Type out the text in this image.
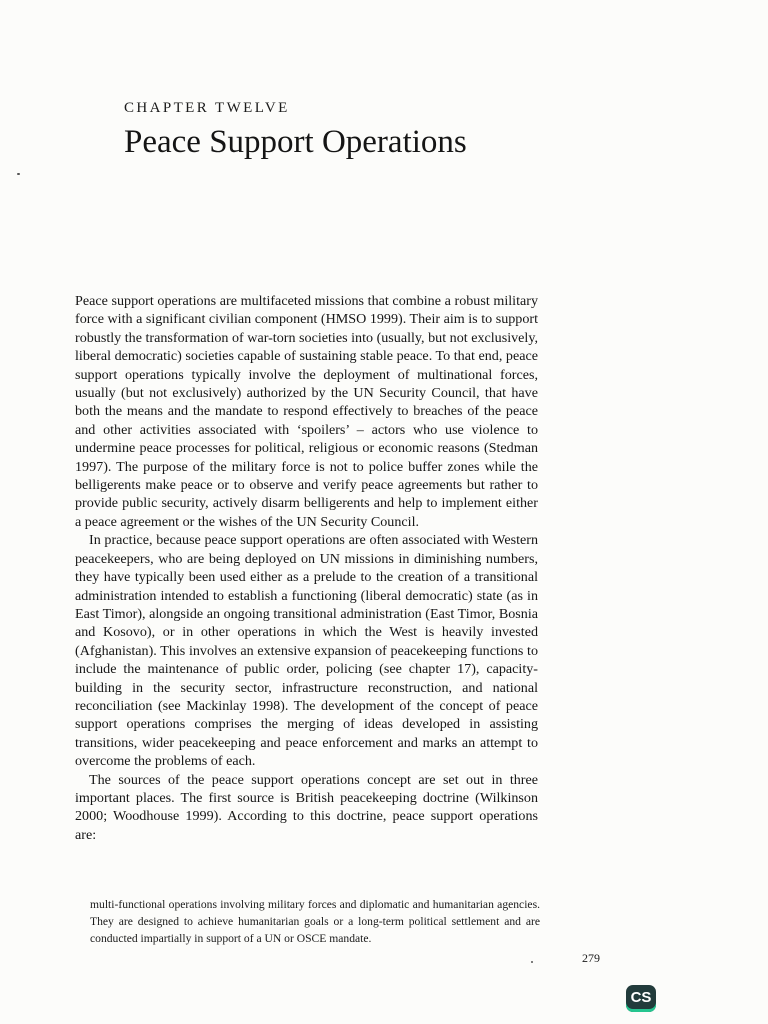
CHAPTER TWELVE
Peace Support Operations

Peace support operations are multifaceted missions that combine a robust military force with a significant civilian component (HMSO 1999). Their aim is to support robustly the transformation of war-torn societies into (usually, but not exclusively, liberal democratic) societies capable of sustaining stable peace. To that end, peace support operations typically involve the deployment of multinational forces, usually (but not exclusively) authorized by the UN Security Council, that have both the means and the mandate to respond effectively to breaches of the peace and other activities associated with ‘spoilers’ – actors who use violence to undermine peace processes for political, religious or economic reasons (Stedman 1997). The purpose of the military force is not to police buffer zones while the belligerents make peace or to observe and verify peace agreements but rather to provide public security, actively disarm belligerents and help to implement either a peace agreement or the wishes of the UN Security Council.

In practice, because peace support operations are often associated with Western peacekeepers, who are being deployed on UN missions in diminishing numbers, they have typically been used either as a prelude to the creation of a transitional administration intended to establish a functioning (liberal democratic) state (as in East Timor), alongside an ongoing transitional administration (East Timor, Bosnia and Kosovo), or in other operations in which the West is heavily invested (Afghanistan). This involves an extensive expansion of peacekeeping functions to include the maintenance of public order, policing (see chapter 17), capacity-building in the security sector, infrastructure reconstruction, and national reconciliation (see Mackinlay 1998). The development of the concept of peace support operations comprises the merging of ideas developed in assisting transitions, wider peacekeeping and peace enforcement and marks an attempt to overcome the problems of each.

The sources of the peace support operations concept are set out in three important places. The first source is British peacekeeping doctrine (Wilkinson 2000; Woodhouse 1999). According to this doctrine, peace support operations are:

multi-functional operations involving military forces and diplomatic and humanitarian agencies. They are designed to achieve humanitarian goals or a long-term political settlement and are conducted impartially in support of a UN or OSCE mandate.

279
CS
